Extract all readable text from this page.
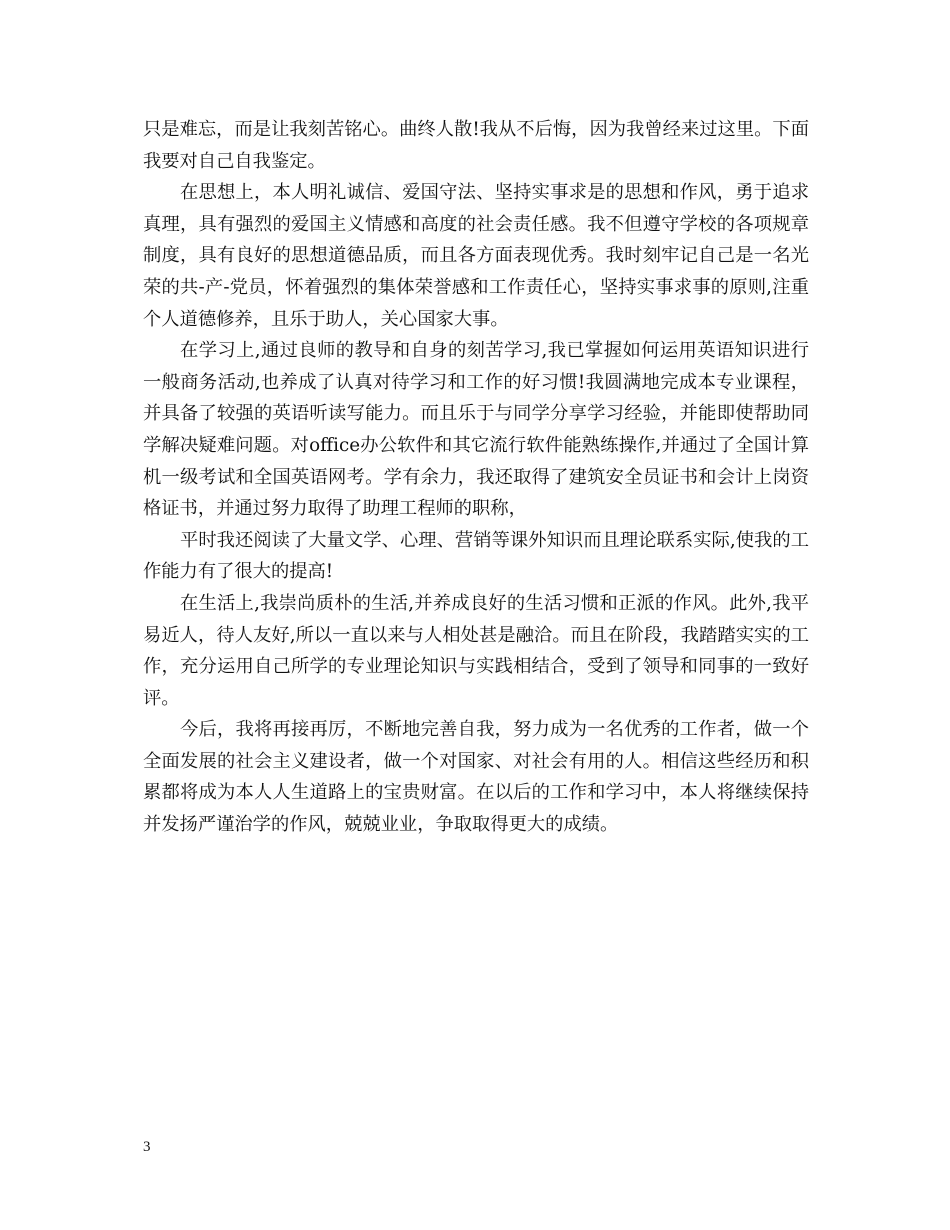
只是难忘，而是让我刻苦铭心。曲终人散!我从不后悔，因为我曾经来过这里。下面我要对自己自我鉴定。

在思想上，本人明礼诚信、爱国守法、坚持实事求是的思想和作风，勇于追求真理，具有强烈的爱国主义情感和高度的社会责任感。我不但遵守学校的各项规章制度，具有良好的思想道德品质，而且各方面表现优秀。我时刻牢记自己是一名光荣的共-产-党员，怀着强烈的集体荣誉感和工作责任心，坚持实事求事的原则,注重个人道德修养，且乐于助人，关心国家大事。

在学习上,通过良师的教导和自身的刻苦学习,我已掌握如何运用英语知识进行一般商务活动,也养成了认真对待学习和工作的好习惯!我圆满地完成本专业课程，并具备了较强的英语听读写能力。而且乐于与同学分享学习经验，并能即使帮助同学解决疑难问题。对office办公软件和其它流行软件能熟练操作,并通过了全国计算机一级考试和全国英语网考。学有余力，我还取得了建筑安全员证书和会计上岗资格证书，并通过努力取得了助理工程师的职称，

平时我还阅读了大量文学、心理、营销等课外知识而且理论联系实际,使我的工作能力有了很大的提高!

在生活上,我崇尚质朴的生活,并养成良好的生活习惯和正派的作风。此外,我平易近人，待人友好,所以一直以来与人相处甚是融洽。而且在阶段，我踏踏实实的工作，充分运用自己所学的专业理论知识与实践相结合，受到了领导和同事的一致好评。

今后，我将再接再厉，不断地完善自我，努力成为一名优秀的工作者，做一个全面发展的社会主义建设者，做一个对国家、对社会有用的人。相信这些经历和积累都将成为本人人生道路上的宝贵财富。在以后的工作和学习中，本人将继续保持并发扬严谨治学的作风，兢兢业业，争取取得更大的成绩。

3
